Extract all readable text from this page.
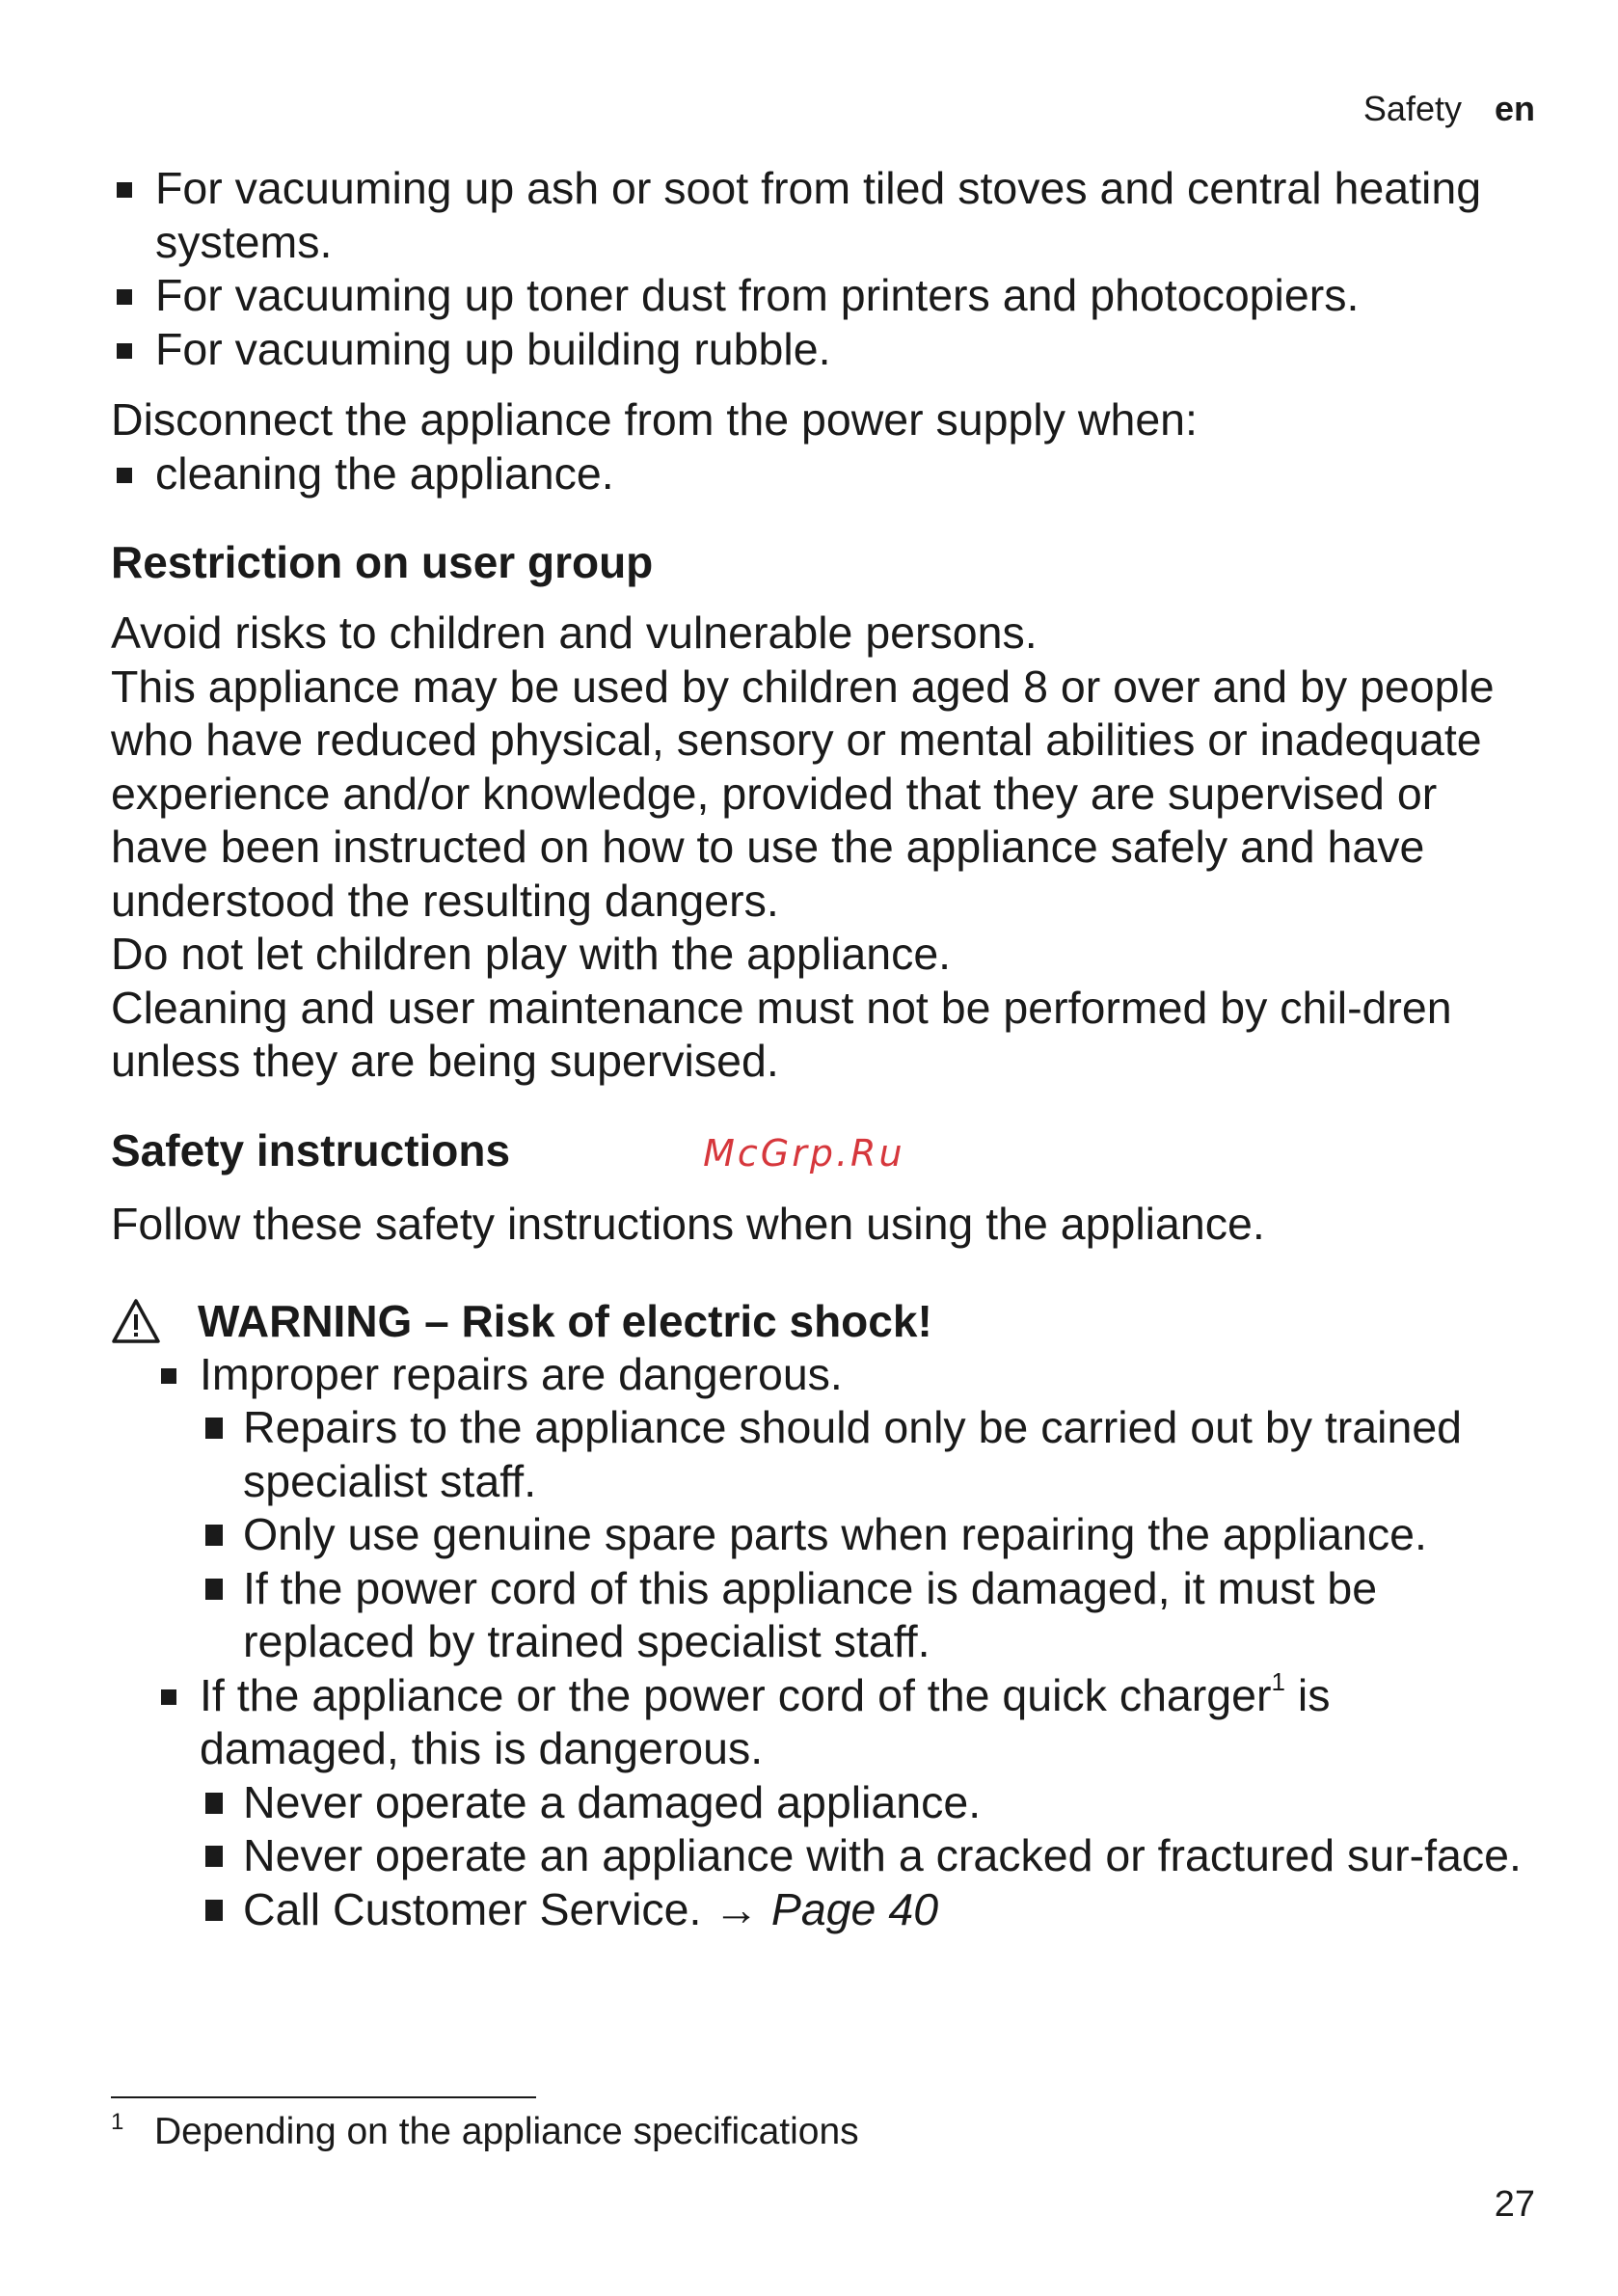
Safety en
For vacuuming up ash or soot from tiled stoves and central heating systems.
For vacuuming up toner dust from printers and photocopiers.
For vacuuming up building rubble.

Disconnect the appliance from the power supply when:

cleaning the appliance.
Restriction on user group

Avoid risks to children and vulnerable persons.

This appliance may be used by children aged 8 or over and by people who have reduced physical, sensory or mental abilities or inadequate experience and/or knowledge, provided that they are supervised or have been instructed on how to use the appliance safely and have understood the resulting dangers.

Do not let children play with the appliance.

Cleaning and user maintenance must not be performed by chil-dren unless they are being supervised.

Safety instructions	McGrp.Ru

Follow these safety instructions when using the appliance.

WARNING – Risk of electric shock!
Improper repairs are dangerous.
Repairs to the appliance should only be carried out by trained specialist staff.
Only use genuine spare parts when repairing the appliance.
If the power cord of this appliance is damaged, it must be replaced by trained specialist staff.
If the appliance or the power cord of the quick charger$^1$ is damaged, this is dangerous.
Never operate a damaged appliance.
Never operate an appliance with a cracked or fractured sur-face.
Call Customer Service. → Page 40
1 Depending on the appliance specifications
27
